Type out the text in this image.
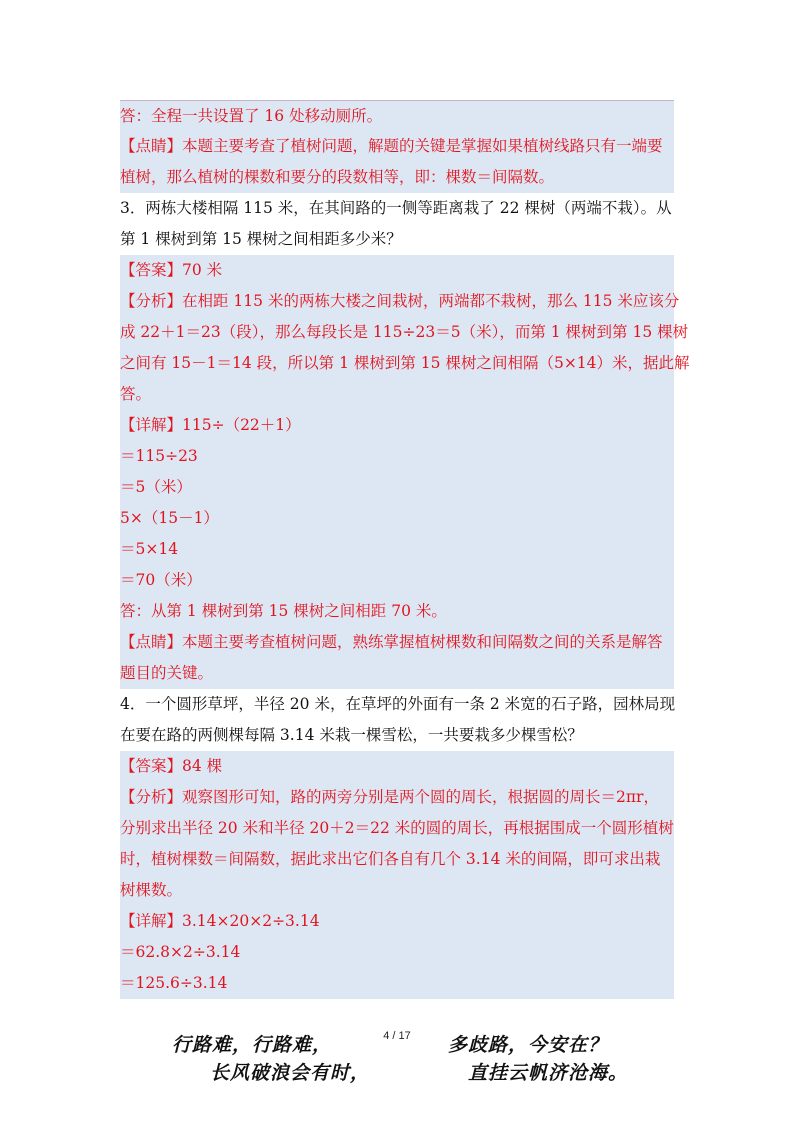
答：全程一共设置了 16 处移动厕所。
【点睛】本题主要考查了植树问题，解题的关键是掌握如果植树线路只有一端要
植树，那么植树的棵数和要分的段数相等，即：棵数＝间隔数。
3．两栋大楼相隔 115 米，在其间路的一侧等距离栽了 22 棵树（两端不栽）。从
第 1 棵树到第 15 棵树之间相距多少米？
【答案】70 米
【分析】在相距 115 米的两栋大楼之间栽树，两端都不栽树，那么 115 米应该分
成 22＋1＝23（段），那么每段长是 115÷23＝5（米），而第 1 棵树到第 15 棵树
之间有 15－1＝14 段，所以第 1 棵树到第 15 棵树之间相隔（5×14）米，据此解
答。
【详解】115÷（22＋1）
＝115÷23
＝5（米）
5×（15－1）
＝5×14
＝70（米）
答：从第 1 棵树到第 15 棵树之间相距 70 米。
【点睛】本题主要考查植树问题，熟练掌握植树棵数和间隔数之间的关系是解答
题目的关键。
4．一个圆形草坪，半径 20 米，在草坪的外面有一条 2 米宽的石子路，园林局现
在要在路的两侧棵每隔 3.14 米栽一棵雪松，一共要栽多少棵雪松？
【答案】84 棵
【分析】观察图形可知，路的两旁分别是两个圆的周长，根据圆的周长＝2πr，
分别求出半径 20 米和半径 20＋2＝22 米的圆的周长，再根据围成一个圆形植树
时，植树棵数＝间隔数，据此求出它们各自有几个 3.14 米的间隔，即可求出栽
树棵数。
【详解】3.14×20×2÷3.14
＝62.8×2÷3.14
＝125.6÷3.14
行路难，行路难，	4 / 17	多歧路，今安在？
长风破浪会有时，	直挂云帆济沧海。
